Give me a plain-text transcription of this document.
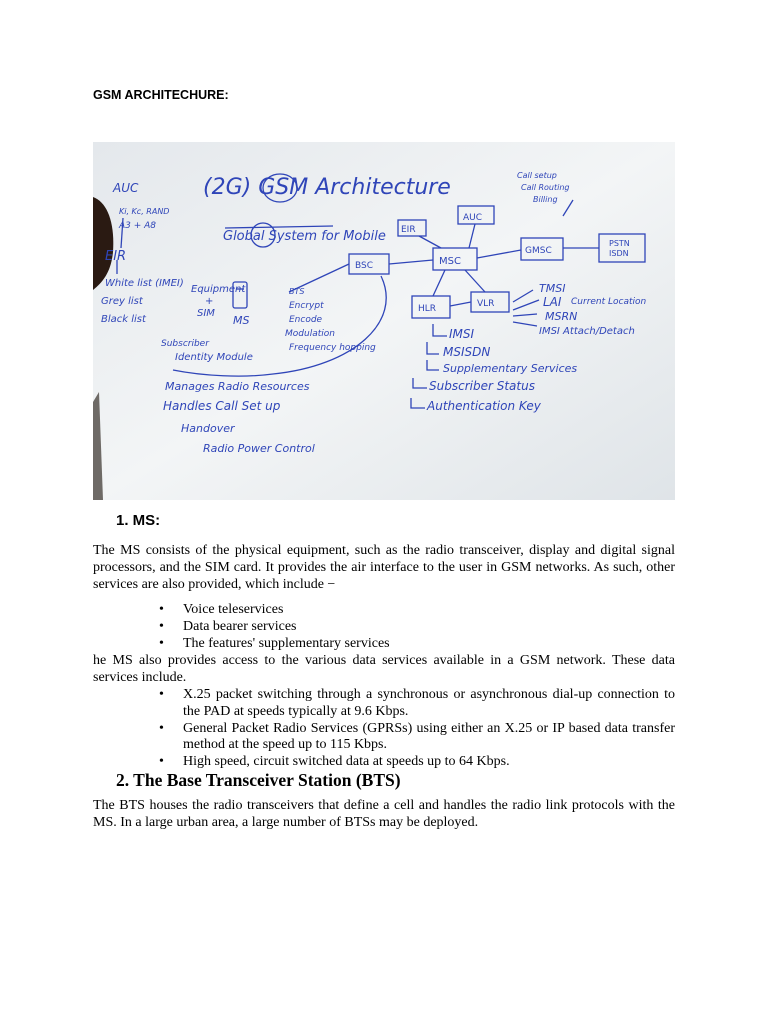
GSM ARCHITECHURE:
(2G) GSM Architecture
Global System for Mobile
AUC
Ki, Kc, RAND
A3 + A8
EIR
White list (IMEI)
Grey list
Black list
Equipment
+
SIM
MS
Subscriber
Identity Module
BTS
Encrypt
Encode
Modulation
Frequency hopping
Manages Radio Resources
Handles Call Set up
Handover
Radio Power Control
BSC	MSC
EIR
AUC
GMSC
PSTN
ISDN
HLR	VLR
Call setup
Call Routing
Billing
TMSI
LAI Current Location
MSRN
IMSI Attach/Detach
IMSI
MSISDN
Supplementary Services
Subscriber Status
Authentication Key
1. MS:

The MS consists of the physical equipment, such as the radio transceiver, display and digital signal processors, and the SIM card. It provides the air interface to the user in GSM networks. As such, other services are also provided, which include −

• Voice teleservices
• Data bearer services
• The features' supplementary services

he MS also provides access to the various data services available in a GSM network. These data services include.

• X.25 packet switching through a synchronous or asynchronous dial-up connection to the PAD at speeds typically at 9.6 Kbps.
• General Packet Radio Services (GPRSs) using either an X.25 or IP based data transfer method at the speed up to 115 Kbps.
• High speed, circuit switched data at speeds up to 64 Kbps.
2. The Base Transceiver Station (BTS)

The BTS houses the radio transceivers that define a cell and handles the radio link protocols with the MS. In a large urban area, a large number of BTSs may be deployed.
